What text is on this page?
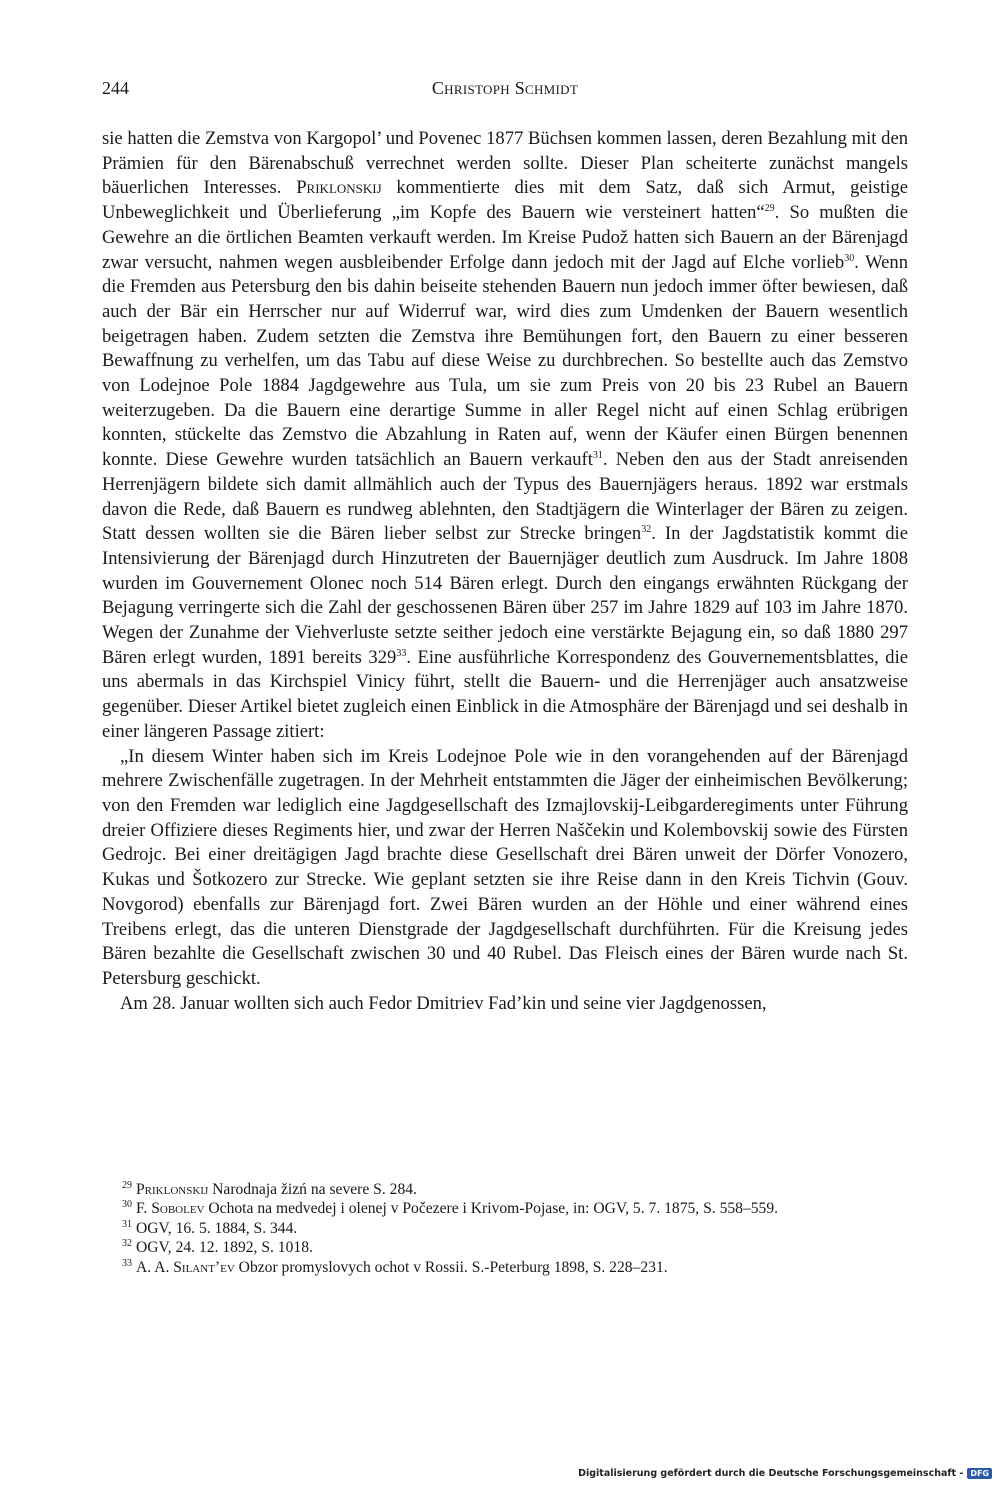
244	Christoph Schmidt

sie hatten die Zemstva von Kargopol’ und Povenec 1877 Büchsen kommen lassen, deren Bezahlung mit den Prämien für den Bärenabschuß verrechnet werden sollte. Dieser Plan scheiterte zunächst mangels bäuerlichen Interesses. Priklonskij kommentierte dies mit dem Satz, daß sich Armut, geistige Unbeweglichkeit und Überlieferung „im Kopfe des Bauern wie versteinert hatten“$^{29}$. So mußten die Gewehre an die örtlichen Beamten verkauft werden. Im Kreise Pudož hatten sich Bauern an der Bärenjagd zwar versucht, nahmen wegen ausbleibender Erfolge dann jedoch mit der Jagd auf Elche vorlieb$^{30}$. Wenn die Fremden aus Petersburg den bis dahin beiseite stehenden Bauern nun jedoch immer öfter bewiesen, daß auch der Bär ein Herrscher nur auf Widerruf war, wird dies zum Umdenken der Bauern wesentlich beigetragen haben. Zudem setzten die Zemstva ihre Bemühungen fort, den Bauern zu einer besseren Bewaffnung zu verhelfen, um das Tabu auf diese Weise zu durchbrechen. So bestellte auch das Zemstvo von Lodejnoe Pole 1884 Jagdgewehre aus Tula, um sie zum Preis von 20 bis 23 Rubel an Bauern weiterzugeben. Da die Bauern eine derartige Summe in aller Regel nicht auf einen Schlag erübrigen konnten, stückelte das Zemstvo die Abzahlung in Raten auf, wenn der Käufer einen Bürgen benennen konnte. Diese Gewehre wurden tatsächlich an Bauern verkauft$^{31}$. Neben den aus der Stadt anreisenden Herrenjägern bildete sich damit allmählich auch der Typus des Bauernjägers heraus. 1892 war erstmals davon die Rede, daß Bauern es rundweg ablehnten, den Stadtjägern die Winterlager der Bären zu zeigen. Statt dessen wollten sie die Bären lieber selbst zur Strecke bringen$^{32}$. In der Jagdstatistik kommt die Intensivierung der Bärenjagd durch Hinzutreten der Bauernjäger deutlich zum Ausdruck. Im Jahre 1808 wurden im Gouvernement Olonec noch 514 Bären erlegt. Durch den eingangs erwähnten Rückgang der Bejagung verringerte sich die Zahl der geschossenen Bären über 257 im Jahre 1829 auf 103 im Jahre 1870. Wegen der Zunahme der Viehverluste setzte seither jedoch eine verstärkte Bejagung ein, so daß 1880 297 Bären erlegt wurden, 1891 bereits $329^{33}$. Eine ausführliche Korrespondenz des Gouvernementsblattes, die uns abermals in das Kirchspiel Viniсy führt, stellt die Bauern- und die Herrenjäger auch ansatzweise gegenüber. Dieser Artikel bietet zugleich einen Einblick in die Atmosphäre der Bärenjagd und sei deshalb in einer längeren Passage zitiert:

„In diesem Winter haben sich im Kreis Lodejnoe Pole wie in den vorangehenden auf der Bärenjagd mehrere Zwischenfälle zugetragen. In der Mehrheit entstammten die Jäger der einheimischen Bevölkerung; von den Fremden war lediglich eine Jagdgesellschaft des Izmajlovskij-Leibgarderegiments unter Führung dreier Offiziere dieses Regiments hier, und zwar der Herren Naščekin und Kolembovskij sowie des Fürsten Gedrojc. Bei einer dreitägigen Jagd brachte diese Gesellschaft drei Bären unweit der Dörfer Vonozero, Kukas und Šotkozero zur Strecke. Wie geplant setzten sie ihre Reise dann in den Kreis Tichvin (Gouv. Novgorod) ebenfalls zur Bärenjagd fort. Zwei Bären wurden an der Höhle und einer während eines Treibens erlegt, das die unteren Dienstgrade der Jagdgesellschaft durchführten. Für die Kreisung jedes Bären bezahlte die Gesellschaft zwischen 30 und 40 Rubel. Das Fleisch eines der Bären wurde nach St. Petersburg geschickt.

Am 28. Januar wollten sich auch Fedor Dmitriev Fad’kin und seine vier Jagdgenossen,

$^{29}$ Priklonskij Narodnaja žizń na severe S. 284.

$^{30}$ F. Sobolev Ochota na medvedej i olenej v Počezere i Krivom-Pojase, in: OGV, 5. 7. 1875, S. 558–559.

$^{31}$ OGV, 16. 5. 1884, S. 344.

$^{32}$ OGV, 24. 12. 1892, S. 1018.

$^{33}$ A. A. Silant’ev Obzor promyslovych ochot v Rossii. S.-Peterburg 1898, S. 228–231.

Digitalisierung gefördert durch die Deutsche Forschungsgemeinschaft - DFG
